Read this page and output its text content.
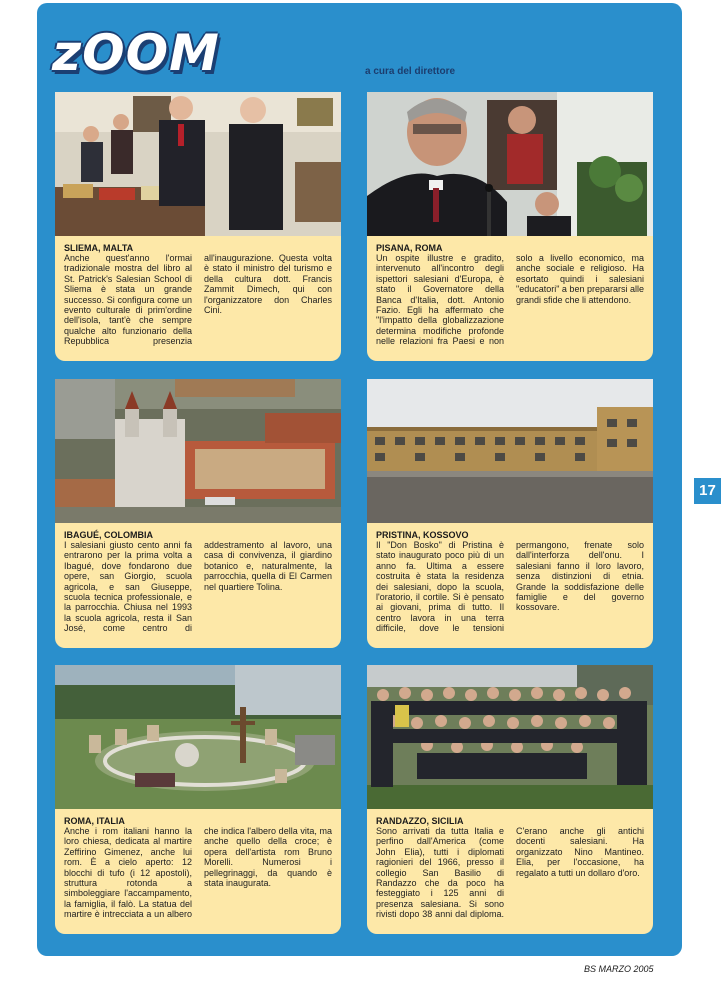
zOOM	a cura del direttore
SLIEMA, MALTA
Anche quest'anno l'ormai tradizionale mostra del libro al St. Patrick's Salesian School di Sliema è stata un grande successo. Si configura come un evento culturale di prim'ordine dell'isola, tant'è che sempre qualche alto funzionario della Repubblica presenzia all'inaugurazione. Questa volta è stato il ministro del turismo e della cultura dott. Francis Zammit Dimech, qui con l'organizzatore don Charles Cini.
PISANA, ROMA
Un ospite illustre e gradito, intervenuto all'incontro degli ispettori salesiani d'Europa, è stato il Governatore della Banca d'Italia, dott. Antonio Fazio. Egli ha affermato che "l'impatto della globalizzazione determina modifiche profonde nelle relazioni fra Paesi e non solo a livello economico, ma anche sociale e religioso. Ha esortato quindi i salesiani "educatori" a ben prepararsi alle grandi sfide che li attendono.
IBAGUÉ, COLOMBIA
I salesiani giusto cento anni fa entrarono per la prima volta a Ibagué, dove fondarono due opere, san Giorgio, scuola agricola, e san Giuseppe, scuola tecnica professionale, e la parrocchia. Chiusa nel 1993 la scuola agricola, resta il San José, come centro di addestramento al lavoro, una casa di convivenza, il giardino botanico e, naturalmente, la parrocchia, quella di El Carmen nel quartiere Tolina.
PRISTINA, KOSSOVO
Il "Don Bosko" di Pristina è stato inaugurato poco più di un anno fa. Ultima a essere costruita è stata la residenza dei salesiani, dopo la scuola, l'oratorio, il cortile. Si è pensato ai giovani, prima di tutto. Il centro lavora in una terra difficile, dove le tensioni permangono, frenate solo dall'interforza dell'onu. I salesiani fanno il loro lavoro, senza distinzioni di etnia. Grande la soddisfazione delle famiglie e del governo kossovare.
ROMA, ITALIA
Anche i rom italiani hanno la loro chiesa, dedicata al martire Zeffirino Gimenez, anche lui rom. È a cielo aperto: 12 blocchi di tufo (i 12 apostoli), struttura rotonda a simboleggiare l'accampamento, la famiglia, il falò. La statua del martire è intrecciata a un albero che indica l'albero della vita, ma anche quello della croce; è opera dell'artista rom Bruno Morelli. Numerosi i pellegrinaggi, da quando è stata inaugurata.
RANDAZZO, SICILIA
Sono arrivati da tutta Italia e perfino dall'America (come John Elia), tutti i diplomati ragionieri del 1966, presso il collegio San Basilio di Randazzo che da poco ha festeggiato i 125 anni di presenza salesiana. Si sono rivisti dopo 38 anni dal diploma. C'erano anche gli antichi docenti salesiani. Ha organizzato Nino Mantineo. Elia, per l'occasione, ha regalato a tutti un dollaro d'oro.
17
BS MARZO 2005
